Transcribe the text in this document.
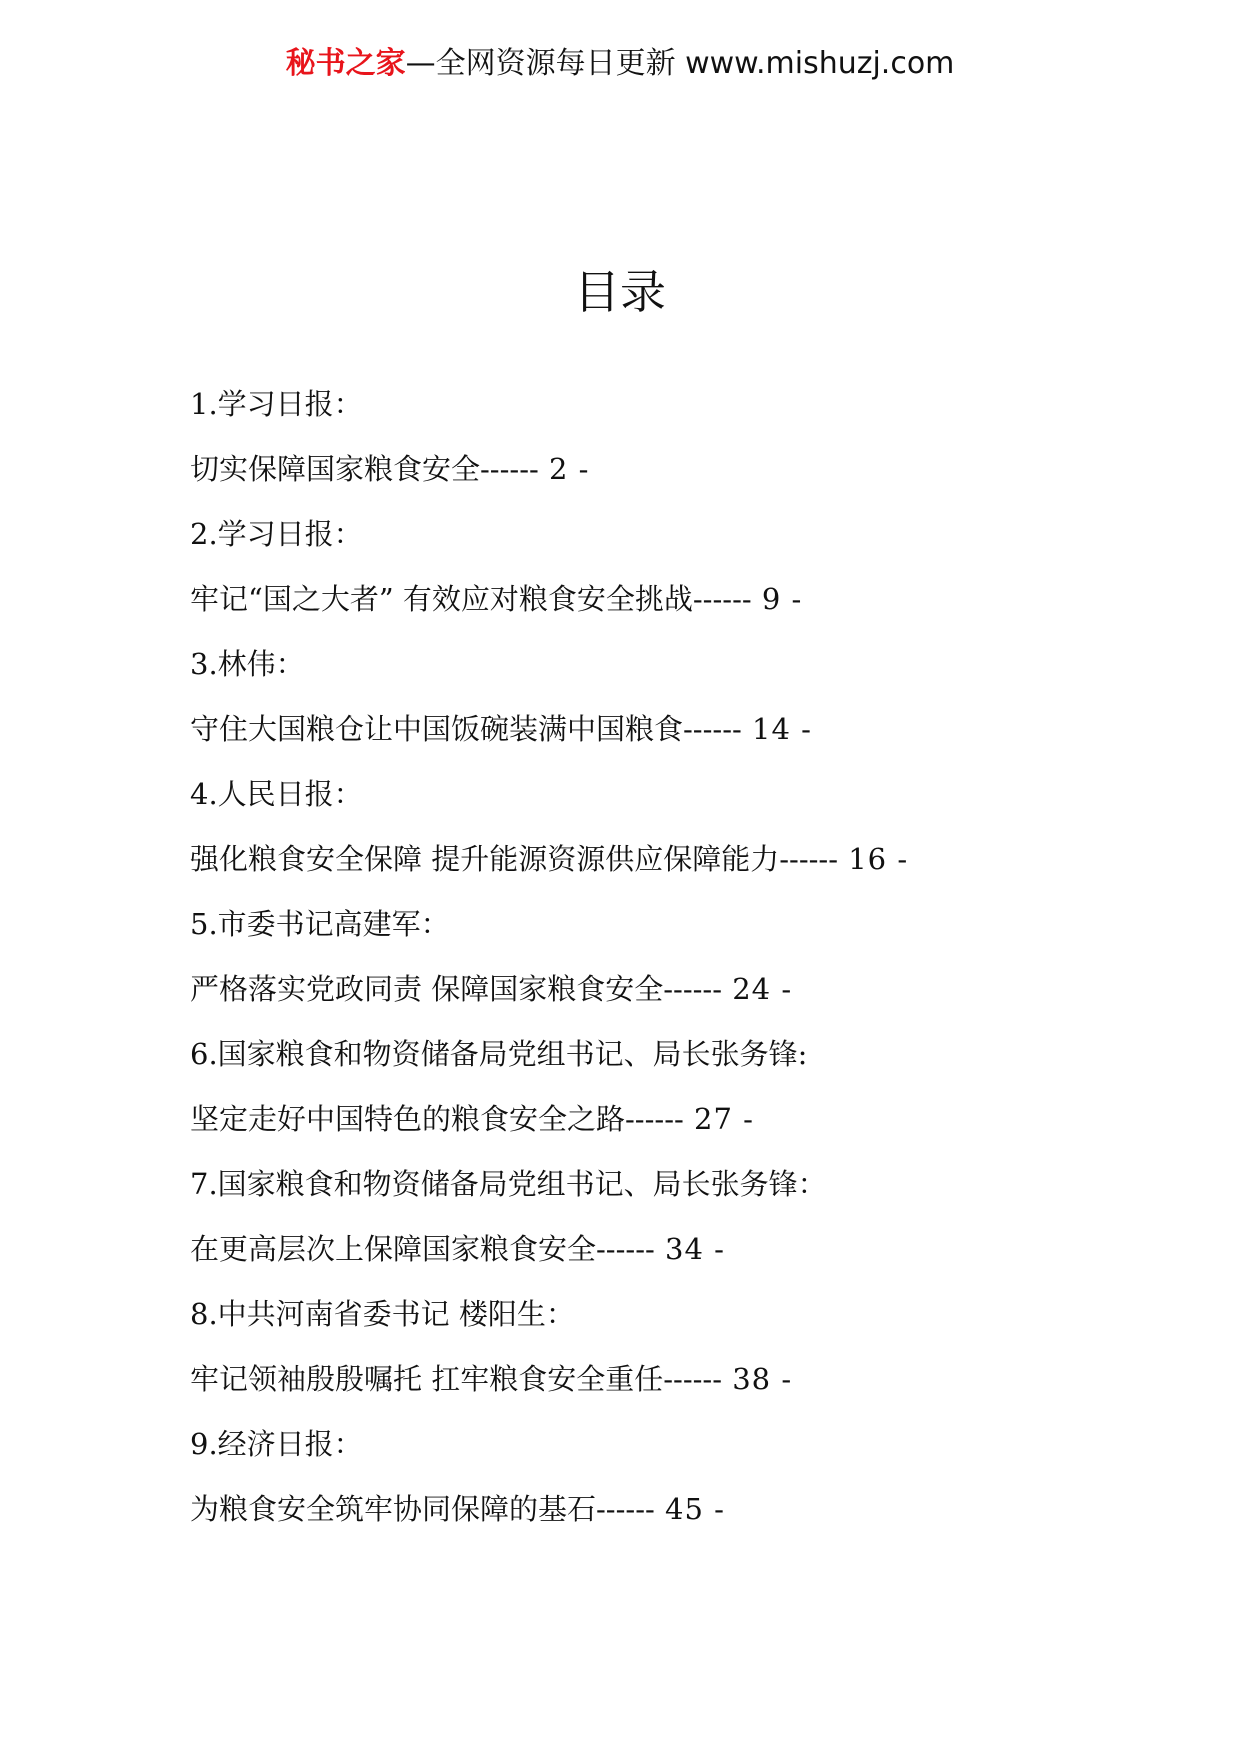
秘书之家—全网资源每日更新 www.mishuzj.com
目录
1.学习日报：
切实保障国家粮食安全------ 2 -
2.学习日报：
牢记“国之大者” 有效应对粮食安全挑战------ 9 -
3.林伟：
守住大国粮仓让中国饭碗装满中国粮食------ 14 -
4.人民日报：
强化粮食安全保障 提升能源资源供应保障能力------ 16 -
5.市委书记高建军：
严格落实党政同责 保障国家粮食安全------ 24 -
6.国家粮食和物资储备局党组书记、局长张务锋:
坚定走好中国特色的粮食安全之路------ 27 -
7.国家粮食和物资储备局党组书记、局长张务锋：
在更高层次上保障国家粮食安全------ 34 -
8.中共河南省委书记 楼阳生：
牢记领袖殷殷嘱托 扛牢粮食安全重任------ 38 -
9.经济日报：
为粮食安全筑牢协同保障的基石------ 45 -
